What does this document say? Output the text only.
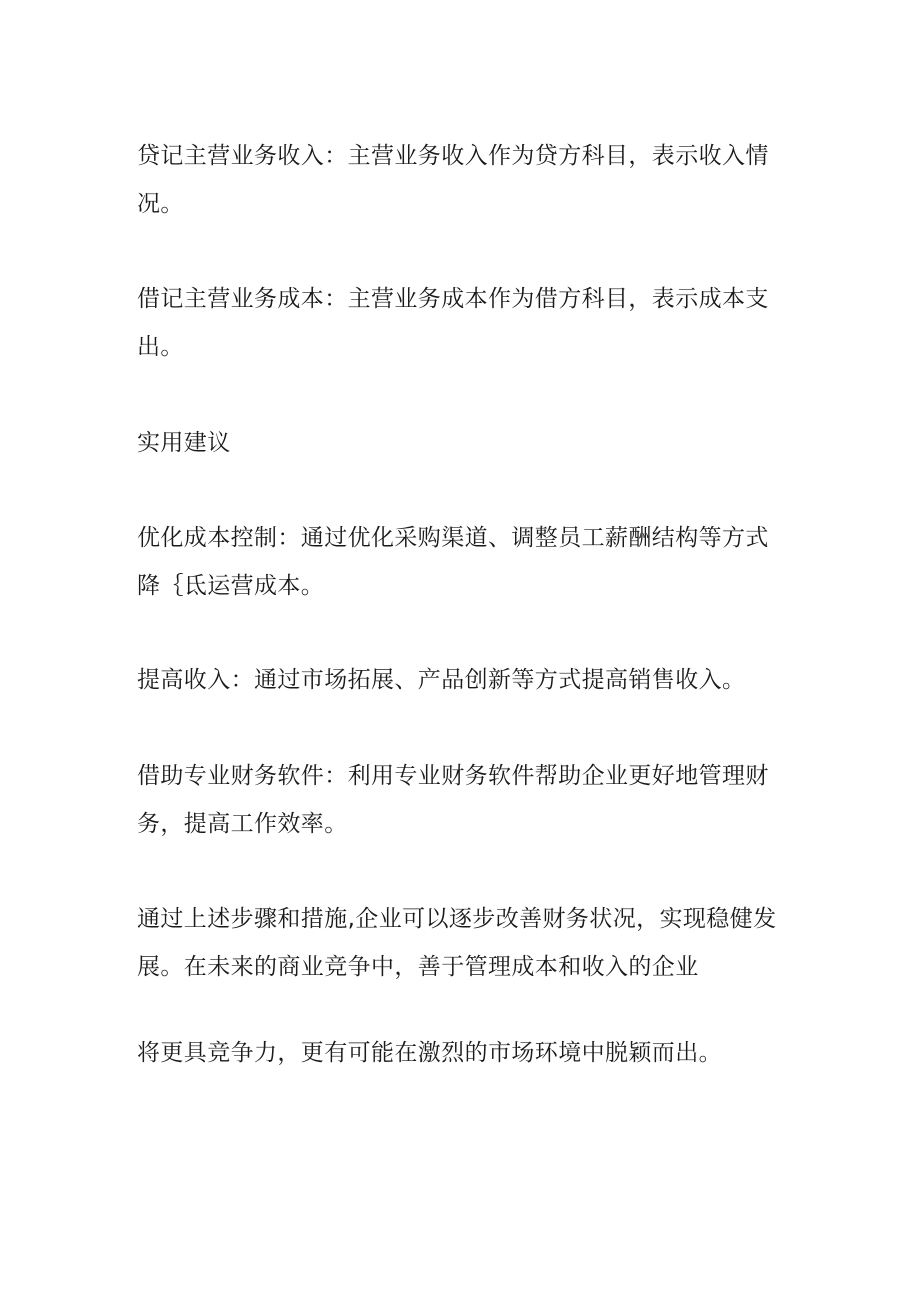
贷记主营业务收入：主营业务收入作为贷方科目，表示收入情
况。

借记主营业务成本：主营业务成本作为借方科目，表示成本支
出。

实用建议

优化成本控制：通过优化采购渠道、调整员工薪酬结构等方式
降｛氐运营成本。

提高收入：通过市场拓展、产品创新等方式提高销售收入。

借助专业财务软件：利用专业财务软件帮助企业更好地管理财
务，提高工作效率。

通过上述步骤和措施,企业可以逐步改善财务状况，实现稳健发
展。在未来的商业竞争中，善于管理成本和收入的企业

将更具竞争力，更有可能在激烈的市场环境中脱颖而出。
